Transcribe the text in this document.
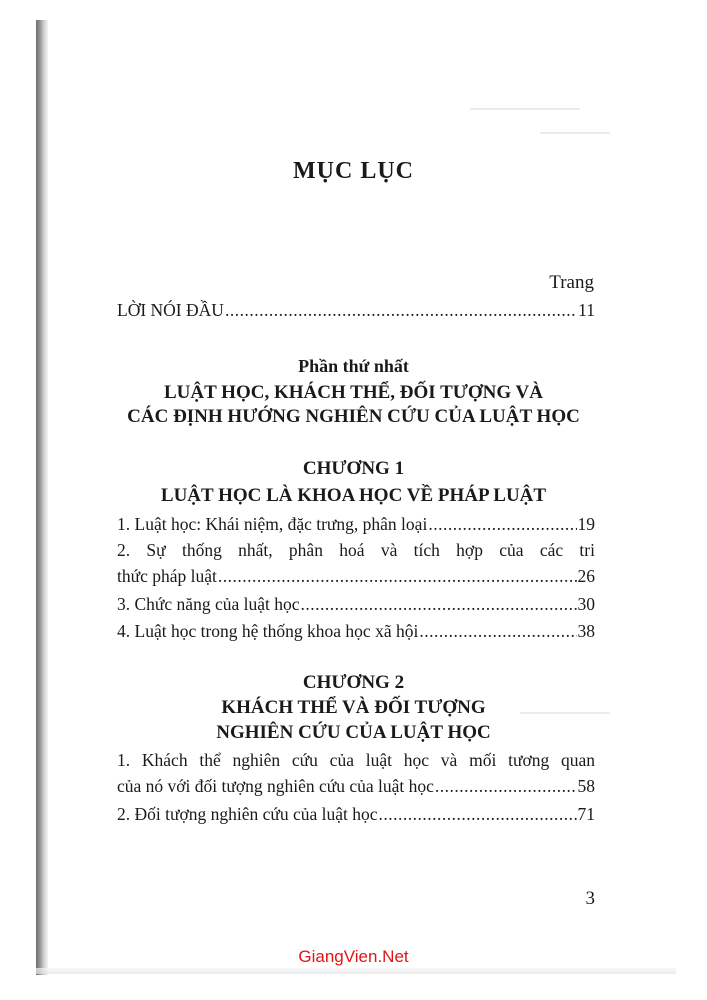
MỤC LỤC
Trang
LỜI NÓI ĐẦU .....	11
Phần thứ nhất
LUẬT HỌC, KHÁCH THỂ, ĐỐI TƯỢNG VÀ
CÁC ĐỊNH HƯỚNG NGHIÊN CỨU CỦA LUẬT HỌC
CHƯƠNG 1
LUẬT HỌC LÀ KHOA HỌC VỀ PHÁP LUẬT
1. Luật học: Khái niệm, đặc trưng, phân loại .....	19
2. Sự thống nhất, phân hoá và tích hợp của các tri
thức pháp luật .....	26
3. Chức năng của luật học .....	30
4. Luật học trong hệ thống khoa học xã hội .....	38
CHƯƠNG 2
KHÁCH THỂ VÀ ĐỐI TƯỢNG
NGHIÊN CỨU CỦA LUẬT HỌC
1. Khách thể nghiên cứu của luật học và mối tương quan
của nó với đối tượng nghiên cứu của luật học .....	58
2. Đối tượng nghiên cứu của luật học .....	71
3
GiangVien.Net
